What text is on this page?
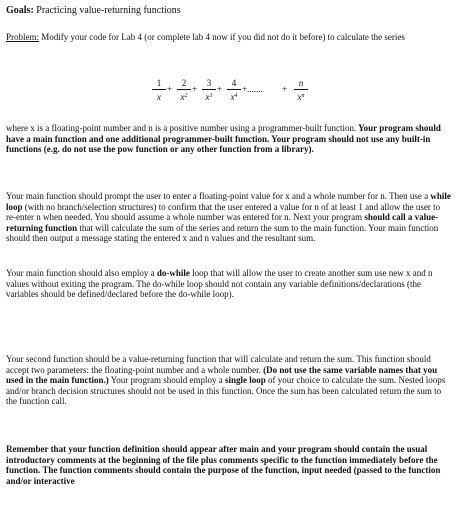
Goals: Practicing value-returning functions

Problem: Modify your code for Lab 4 (or complete lab 4 now if you did not do it before) to calculate the series

$\frac{1}{x} + \frac{2}{x^2} + \frac{3}{x^3} + \frac{4}{x^4}$ +....... + $\frac{n}{x^n}$

where x is a floating-point number and n is a positive number using a programmer-built function. Your program should have a main function and one additional programmer-built function. Your program should not use any built-in functions (e.g. do not use the pow function or any other function from a library).

Your main function should prompt the user to enter a floating-point value for x and a whole number for n. Then use a while loop (with no branch/selection structures) to confirm that the user entered a value for n of at least 1 and allow the user to re-enter n when needed. You should assume a whole number was entered for n. Next your program should call a value-returning function that will calculate the sum of the series and return the sum to the main function. Your main function should then output a message stating the entered x and n values and the resultant sum.

Your main function should also employ a do-while loop that will allow the user to create another sum use new x and n values without exiting the program. The do-while loop should not contain any variable definitions/declarations (the variables should be defined/declared before the do-while loop).

Your second function should be a value-returning function that will calculate and return the sum. This function should accept two parameters: the floating-point number and a whole number. (Do not use the same variable names that you used in the main function.) Your program should employ a single loop of your choice to calculate the sum. Nested loops and/or branch decision structures should not be used in this function. Once the sum has been calculated return the sum to the function call.

Remember that your function definition should appear after main and your program should contain the usual introductory comments at the beginning of the file plus comments specific to the function immediately before the function. The function comments should contain the purpose of the function, input needed (passed to the function and/or interactive
